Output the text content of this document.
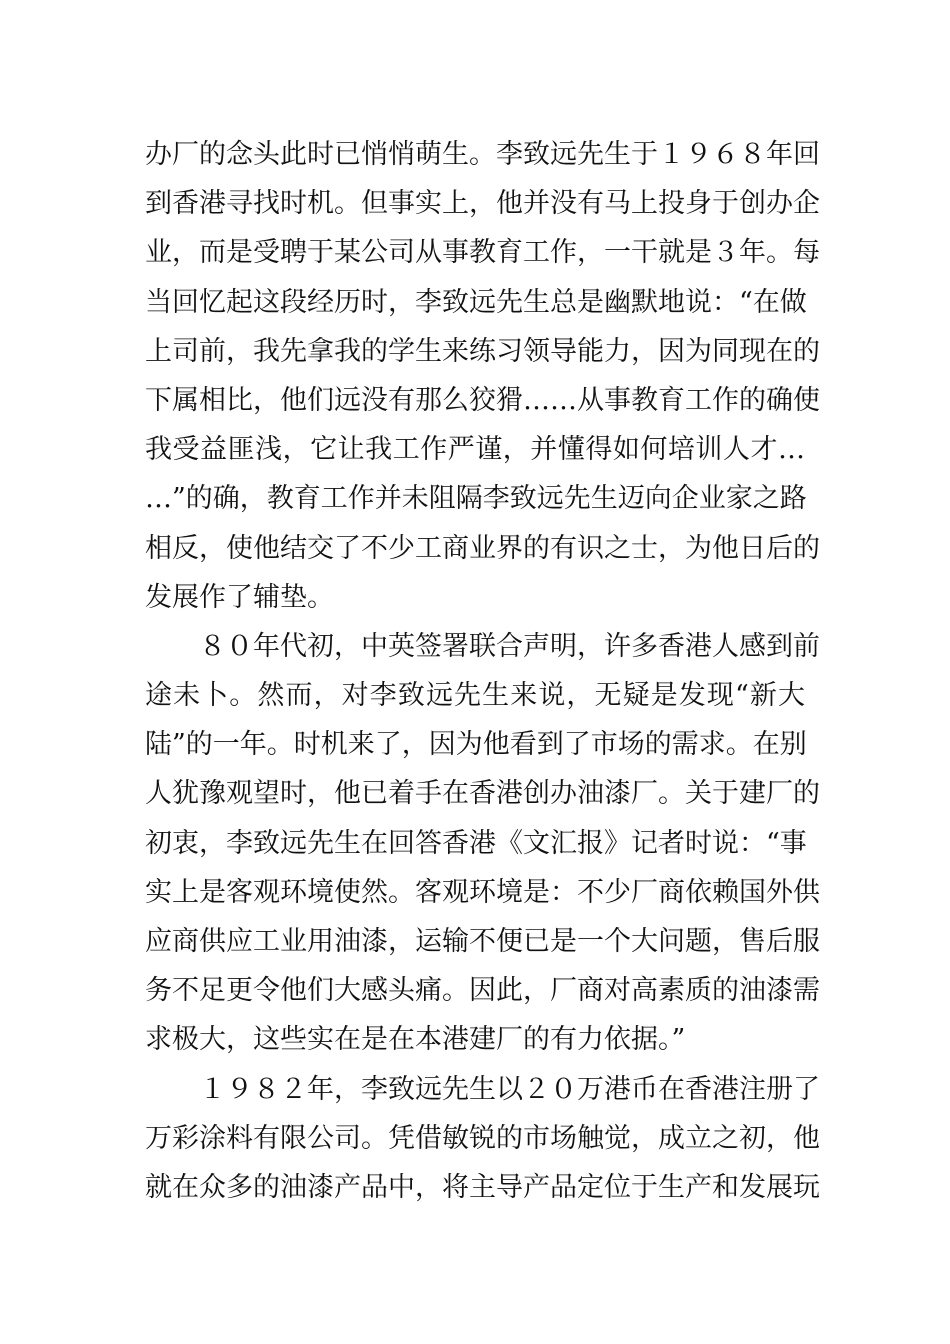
办厂的念头此时已悄悄萌生。李致远先生于１９６８年回
到香港寻找时机。但事实上，他并没有马上投身于创办企
业，而是受聘于某公司从事教育工作，一干就是３年。每
当回忆起这段经历时，李致远先生总是幽默地说：“在做
上司前，我先拿我的学生来练习领导能力，因为同现在的
下属相比，他们远没有那么狡猾……从事教育工作的确使
我受益匪浅，它让我工作严谨，并懂得如何培训人才…
…”的确，教育工作并未阻隔李致远先生迈向企业家之路
相反，使他结交了不少工商业界的有识之士，为他日后的
发展作了辅垫。
　　８０年代初，中英签署联合声明，许多香港人感到前
途未卜。然而，对李致远先生来说，无疑是发现“新大
陆”的一年。时机来了，因为他看到了市场的需求。在别
人犹豫观望时，他已着手在香港创办油漆厂。关于建厂的
初衷，李致远先生在回答香港《文汇报》记者时说：“事
实上是客观环境使然。客观环境是：不少厂商依赖国外供
应商供应工业用油漆，运输不便已是一个大问题，售后服
务不足更令他们大感头痛。因此，厂商对高素质的油漆需
求极大，这些实在是在本港建厂的有力依据。”
　　１９８２年，李致远先生以２０万港币在香港注册了
万彩涂料有限公司。凭借敏锐的市场触觉，成立之初，他
就在众多的油漆产品中，将主导产品定位于生产和发展玩
